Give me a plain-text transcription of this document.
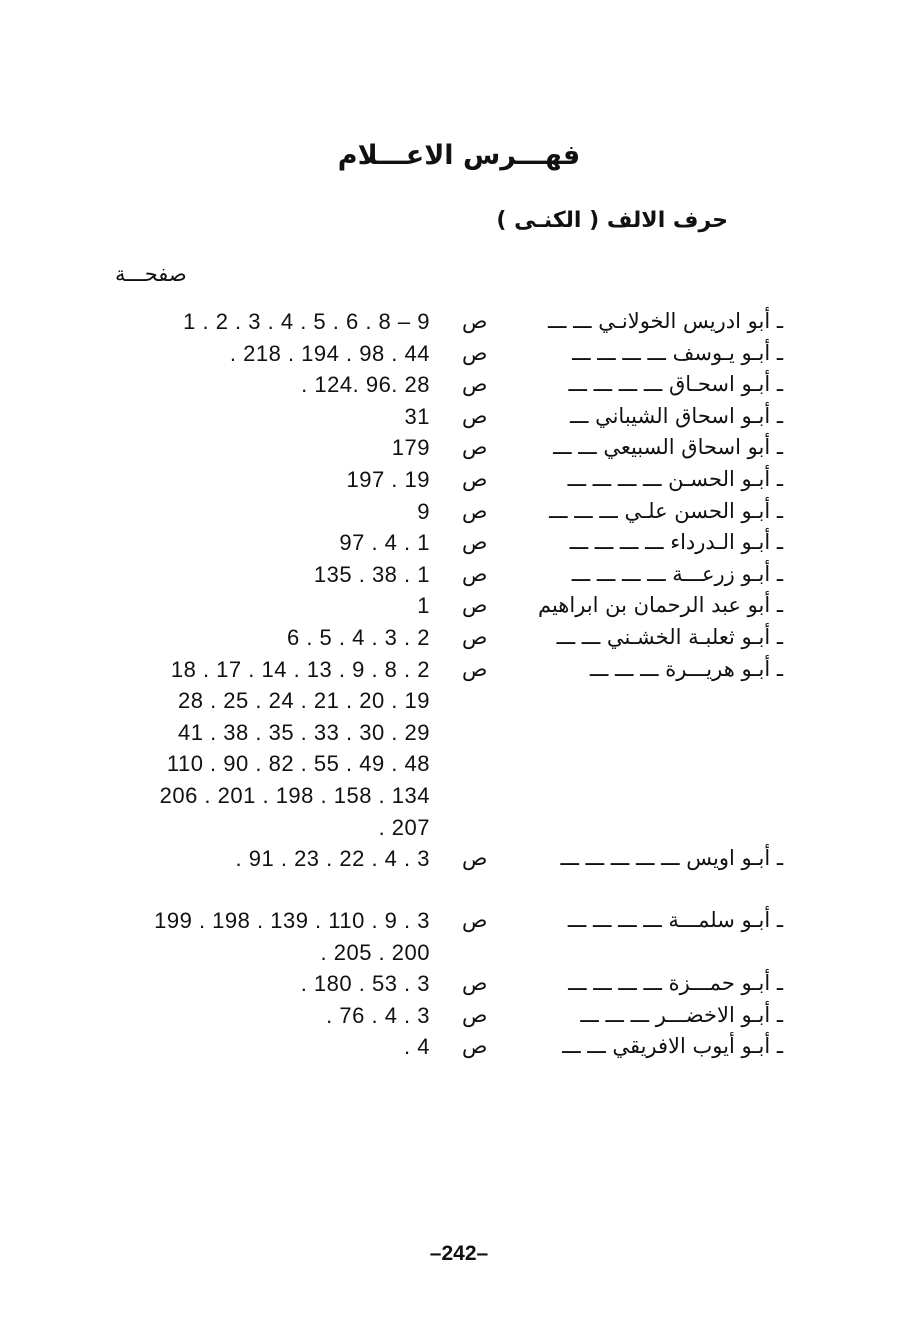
فهـــرس الاعـــلام
حرف الالف ( الكنـى )
صفحـــة
ـ أبو ادريس الخولانـي ـــ ـــ
ص
1 . 2 . 3 . 4 . 5 . 6 . 8 – 9
ـ أبـو يـوسف ـــ ـــ ـــ ـــ
ص
. 218 . 194 . 98 . 44
ـ أبـو اسحـاق ـــ ـــ ـــ ـــ
ص
. 124. 96. 28
ـ أبـو اسحاق الشيباني ـــ
ص
31
ـ أبو اسحاق السبيعي ـــ ـــ
ص
179
ـ أبـو الحسـن ـــ ـــ ـــ ـــ
ص
197 . 19
ـ أبـو الحسن علـي ـــ ـــ ـــ
ص
9
ـ أبـو الـدرداء ـــ ـــ ـــ ـــ
ص
97 . 4 . 1
ـ أبـو زرعـــة ـــ ـــ ـــ ـــ
ص
135 . 38 . 1
ـ أبو عبد الرحمان بن ابراهيم
ص
1
ـ أبـو ثعلبـة الخشـني ـــ ـــ
ص
6 . 5 . 4 . 3 . 2
ـ أبـو هريـــرة ـــ ـــ ـــ
ص
18 . 17 . 14 . 13 . 9 . 8 . 2
28 . 25 . 24 . 21 . 20 . 19
41 . 38 . 35 . 33 . 30 . 29
110 . 90 . 82 . 55 . 49 . 48
206 . 201 . 198 . 158 . 134
. 207
ـ أبـو اويس ـــ ـــ ـــ ـــ ـــ
ص
. 91 . 23 . 22 . 4 . 3
ـ أبـو سلمـــة ـــ ـــ ـــ ـــ
ص
199 . 198 . 139 . 110 . 9 . 3
. 205 . 200
ـ أبـو حمـــزة ـــ ـــ ـــ ـــ
ص
. 180 . 53 . 3
ـ أبـو الاخضـــر ـــ ـــ ـــ
ص
. 76 . 4 . 3
ـ أبـو أيوب الافريقي ـــ ـــ
ص
. 4
–242–
